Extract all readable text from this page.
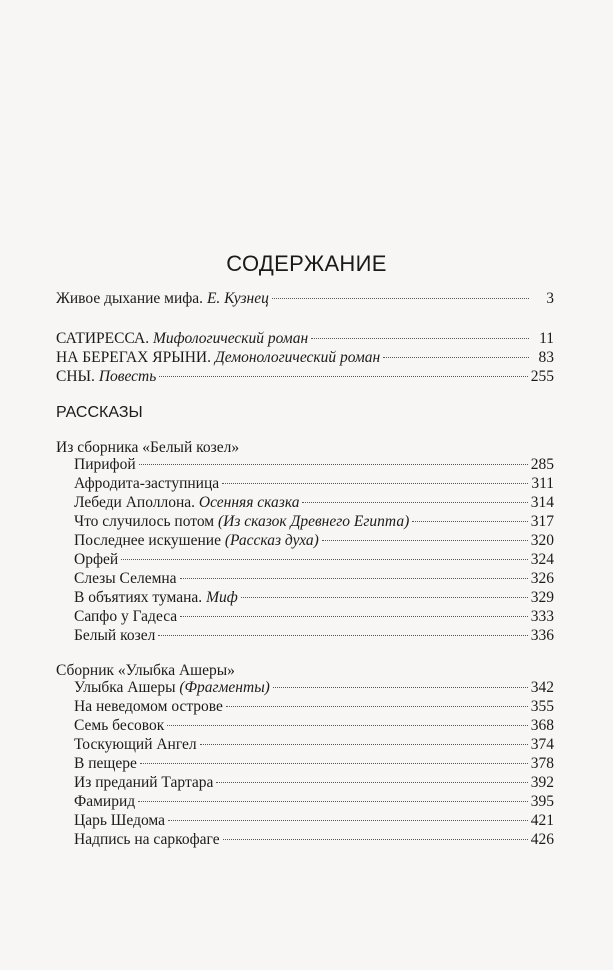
СОДЕРЖАНИЕ
Живое дыхание мифа. Е. Кузнец	3
САТИРЕССА. Мифологический роман	11
НА БЕРЕГАХ ЯРЫНИ. Демонологический роман	83
СНЫ. Повесть	255
РАССКАЗЫ
Из сборника «Белый козел»
Пирифой	285
Афродита-заступница	311
Лебеди Аполлона. Осенняя сказка	314
Что случилось потом (Из сказок Древнего Египта)	317
Последнее искушение (Рассказ духа)	320
Орфей	324
Слезы Селемна	326
В объятиях тумана. Миф	329
Сапфо у Гадеса	333
Белый козел	336
Сборник «Улыбка Ашеры»
Улыбка Ашеры (Фрагменты)	342
На неведомом острове	355
Семь бесовок	368
Тоскующий Ангел	374
В пещере	378
Из преданий Тартара	392
Фамирид	395
Царь Шедома	421
Надпись на саркофаге	426
